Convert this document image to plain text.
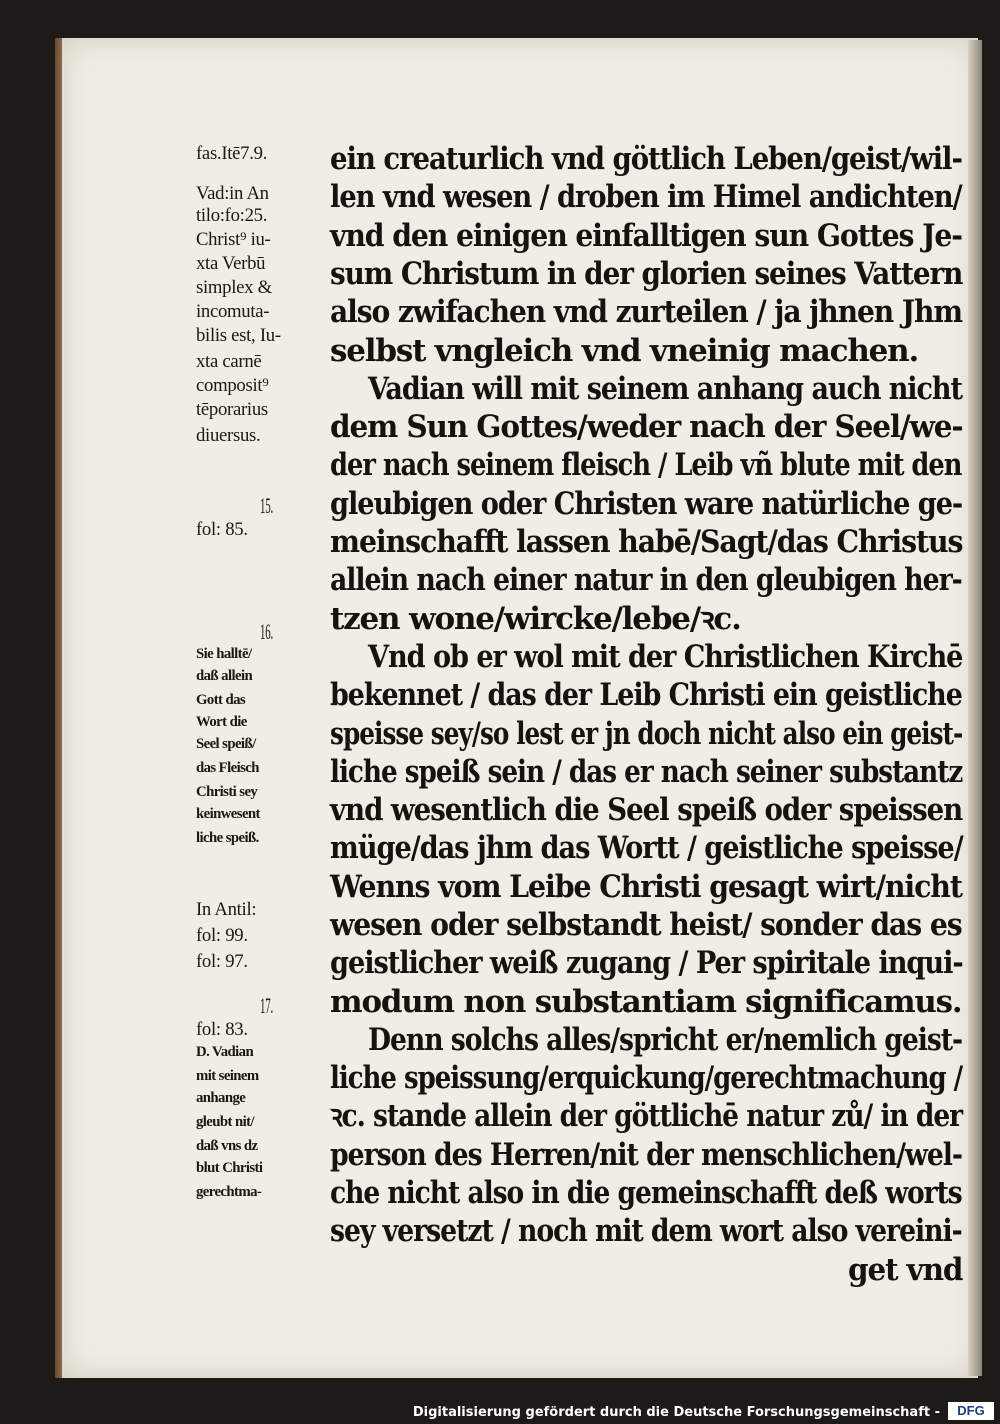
fas.Itē7.9.
Vad:in An
tilo:fo:25.
Christ⁹ iu-
xta Verbū
simplex &
incomuta-
bilis est, Iu-
xta carnē
composit⁹
tēporarius
diuersus.
15.
fol: 85.
16.
Sie halltē/
daß allein
Gott das
Wort die
Seel speiß/
das Fleisch
Christi sey
keinwesent
liche speiß.
In Antil:
fol: 99.
fol: 97.
17.
fol: 83.
D. Vadian
mit seinem
anhange
gleubt nit/
daß vns dz
blut Christi
gerechtma-
ein creaturlich vnd göttlich Leben/geist/wil-
len vnd wesen / droben im Himel andichten/
vnd den einigen einfalltigen sun Gottes Je-
sum Christum in der glorien seines Vattern
also zwifachen vnd zurteilen / ja jhnen Jhm
selbst vngleich vnd vneinig machen.
Vadian will mit seinem anhang auch nicht
dem Sun Gottes/weder nach der Seel/we-
der nach seinem fleisch / Leib vñ blute mit den
gleubigen oder Christen ware natürliche ge-
meinschafft lassen habē/Sagt/das Christus
allein nach einer natur in den gleubigen her-
tzen wone/wircke/lebe/ꝛc.
Vnd ob er wol mit der Christlichen Kirchē
bekennet / das der Leib Christi ein geistliche
speisse sey/so lest er jn doch nicht also ein geist-
liche speiß sein / das er nach seiner substantz
vnd wesentlich die Seel speiß oder speissen
müge/das jhm das Wortt / geistliche speisse/
Wenns vom Leibe Christi gesagt wirt/nicht
wesen oder selbstandt heist/ sonder das es
geistlicher weiß zugang / Per spiritale inqui-
modum non substantiam significamus.
Denn solchs alles/spricht er/nemlich geist-
liche speissung/erquickung/gerechtmachung /
ꝛc. stande allein der göttlichē natur zů/ in der
person des Herren/nit der menschlichen/wel-
che nicht also in die gemeinschafft deß worts
sey versetzt / noch mit dem wort also vereini-
get vnd
Digitalisierung gefördert durch die Deutsche Forschungsgemeinschaft -	DFG
